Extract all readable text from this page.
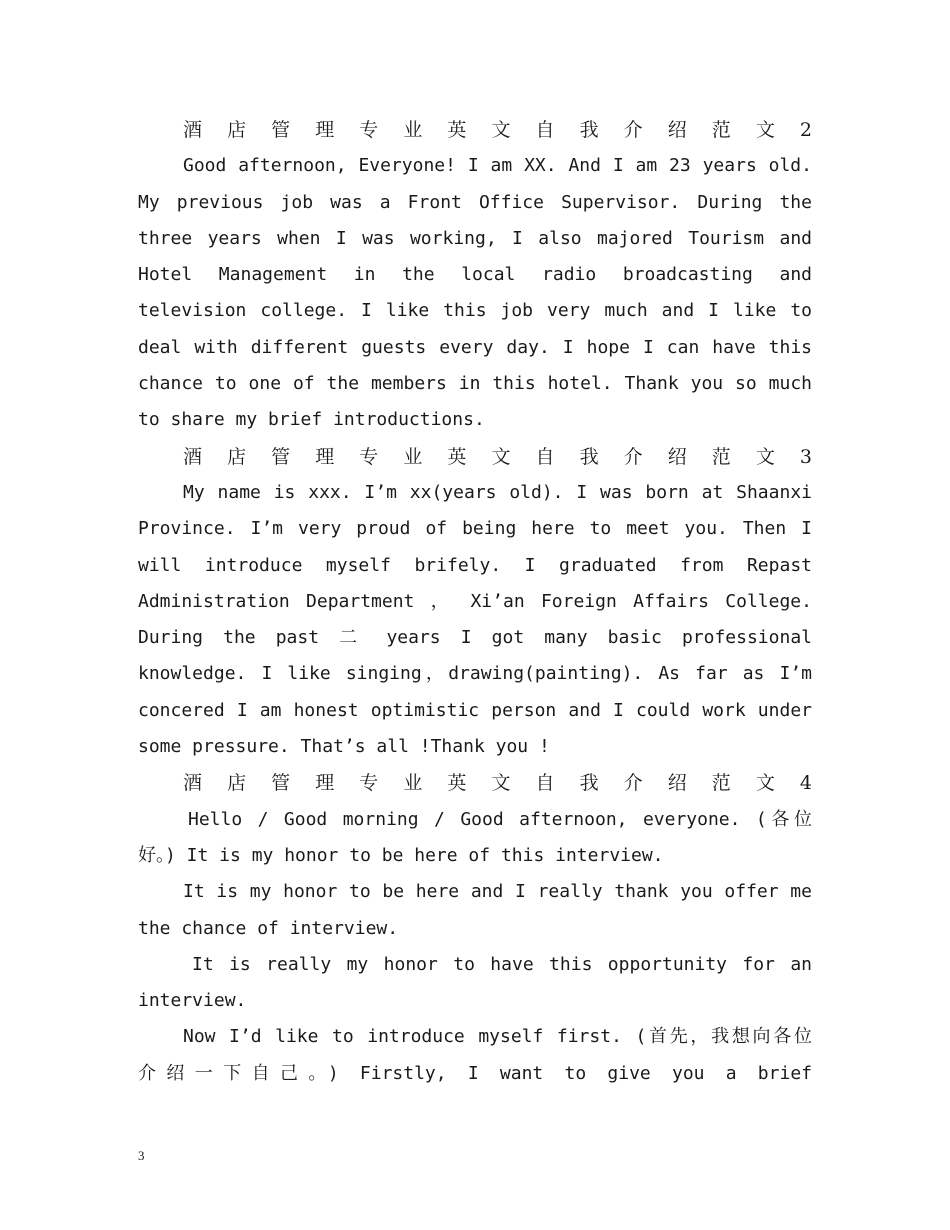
酒店管理专业英文自我介绍范文2
Good afternoon, Everyone! I am XX. And I am 23 years old.
My previous job was a Front Office Supervisor. During the
three years when I was working, I also majored Tourism and
Hotel Management in the local radio broadcasting and
television college. I like this job very much and I like to
deal with different guests every day. I hope I can have this
chance to one of the members in this hotel. Thank you so much
to share my brief introductions.
酒店管理专业英文自我介绍范文3
My name is xxx. I’m xx(years old). I was born at Shaanxi
Province. I’m very proud of being here to meet you. Then I
will introduce myself brifely. I graduated from Repast
Administration Department ， Xi’an Foreign Affairs College.
During the past 二 years I got many basic professional
knowledge. I like singing，drawing(painting). As far as I’m
concered I am honest optimistic person and I could work under
some pressure. That’s all !Thank you !
酒店管理专业英文自我介绍范文4
Hello / Good morning / Good afternoon, everyone. (各位
好。) It is my honor to be here of this interview.
It is my honor to be here and I really thank you offer me
the chance of interview.
It is really my honor to have this opportunity for an
interview.
Now I’d like to introduce myself first. (首先，我想向各位
介绍一下自己。) Firstly, I want to give you a brief
3
